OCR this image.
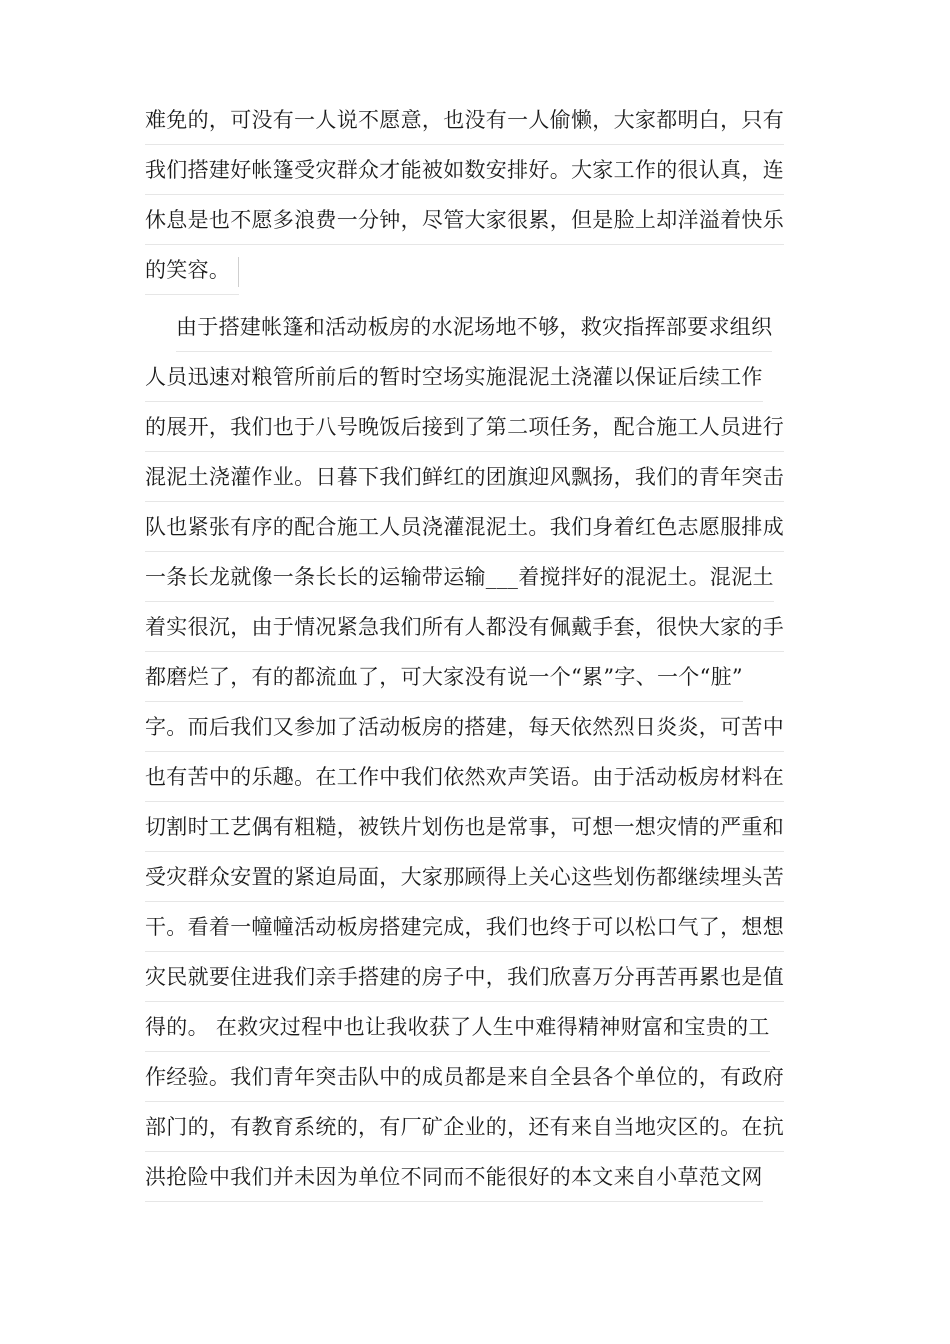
难免的，可没有一人说不愿意，也没有一人偷懒，大家都明白，只有
我们搭建好帐篷受灾群众才能被如数安排好。大家工作的很认真，连
休息是也不愿多浪费一分钟，尽管大家很累，但是脸上却洋溢着快乐
的笑容。
由于搭建帐篷和活动板房的水泥场地不够，救灾指挥部要求组织
人员迅速对粮管所前后的暂时空场实施混泥土浇灌以保证后续工作
的展开，我们也于八号晚饭后接到了第二项任务，配合施工人员进行
混泥土浇灌作业。日暮下我们鲜红的团旗迎风飘扬，我们的青年突击
队也紧张有序的配合施工人员浇灌混泥土。我们身着红色志愿服排成
一条长龙就像一条长长的运输带运输___着搅拌好的混泥土。混泥土
着实很沉，由于情况紧急我们所有人都没有佩戴手套，很快大家的手
都磨烂了，有的都流血了，可大家没有说一个“累”字、一个“脏”
字。而后我们又参加了活动板房的搭建，每天依然烈日炎炎，可苦中
也有苦中的乐趣。在工作中我们依然欢声笑语。由于活动板房材料在
切割时工艺偶有粗糙，被铁片划伤也是常事，可想一想灾情的严重和
受灾群众安置的紧迫局面，大家那顾得上关心这些划伤都继续埋头苦
干。看着一幢幢活动板房搭建完成，我们也终于可以松口气了，想想
灾民就要住进我们亲手搭建的房子中，我们欣喜万分再苦再累也是值
得的。 在救灾过程中也让我收获了人生中难得精神财富和宝贵的工
作经验。我们青年突击队中的成员都是来自全县各个单位的，有政府
部门的，有教育系统的，有厂矿企业的，还有来自当地灾区的。在抗
洪抢险中我们并未因为单位不同而不能很好的本文来自小草范文网
